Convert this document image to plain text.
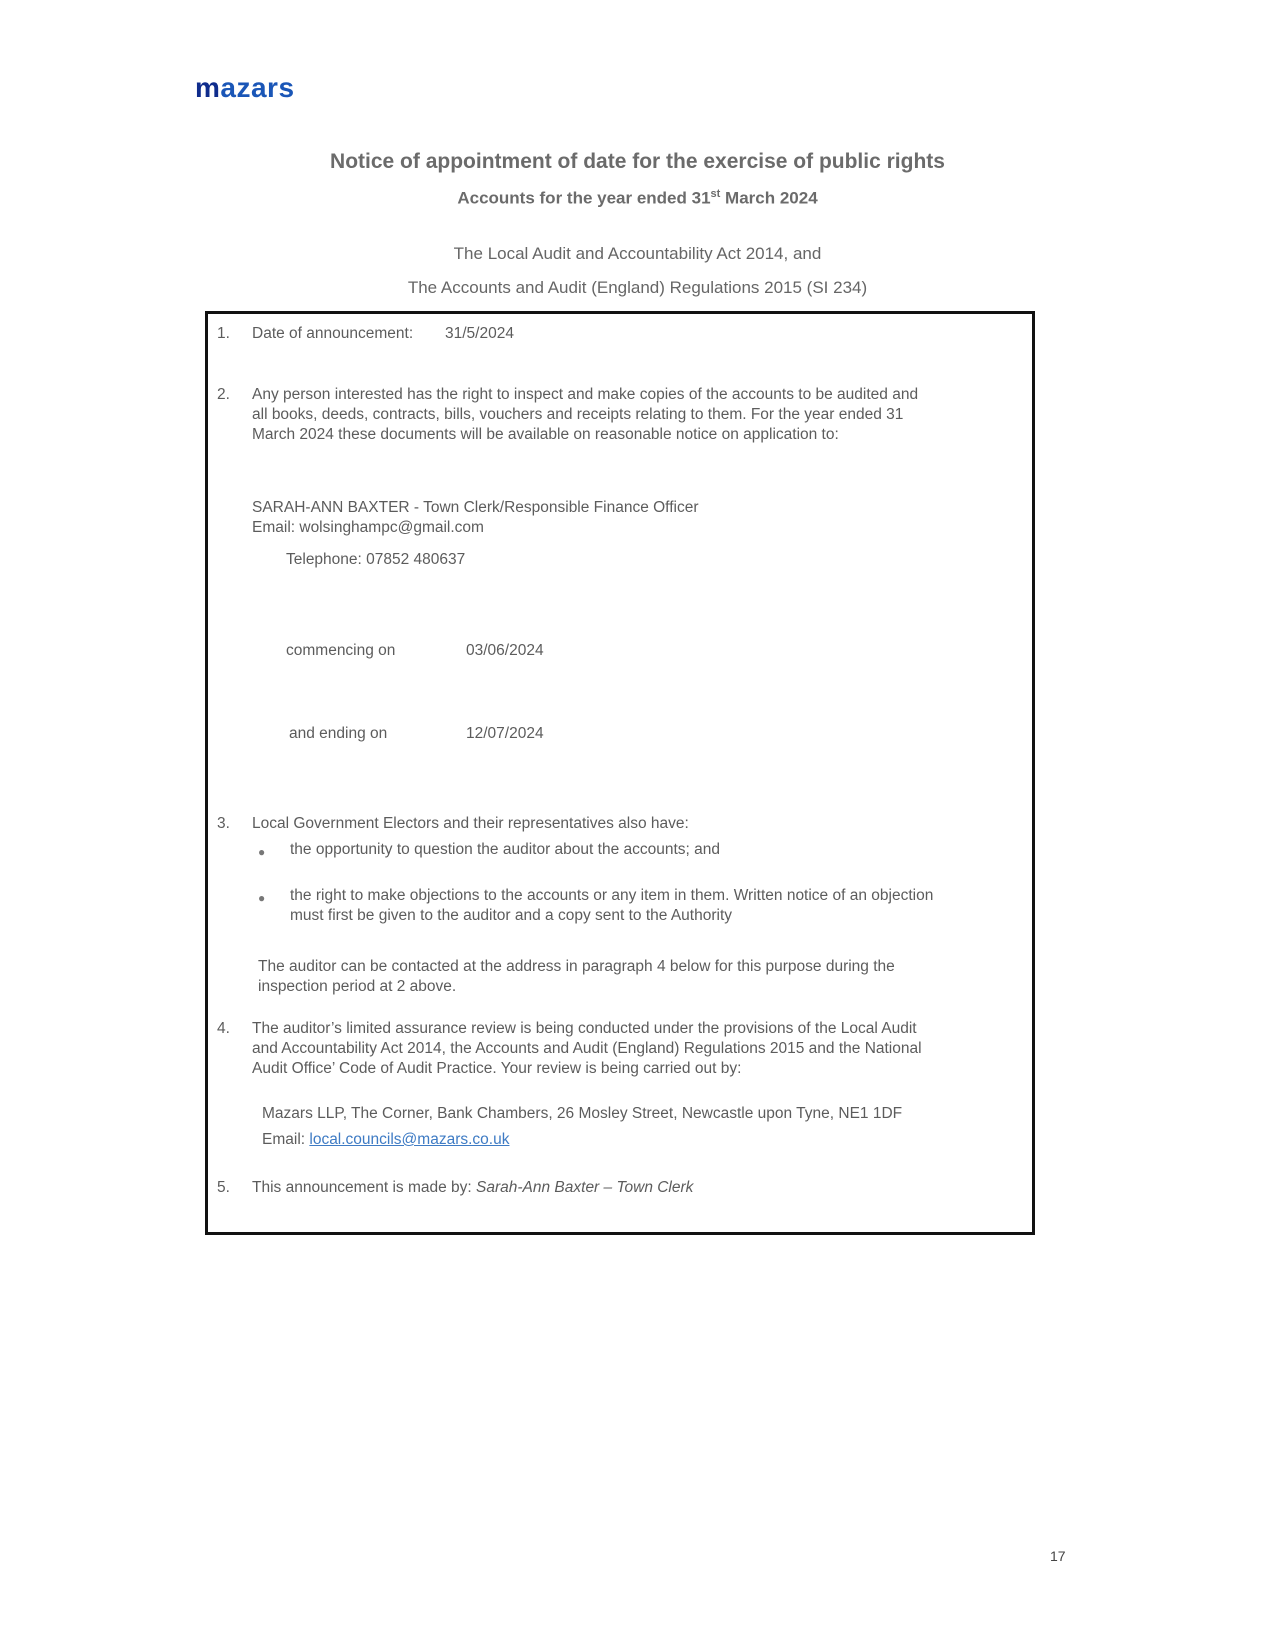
mazars
Notice of appointment of date for the exercise of public rights
Accounts for the year ended 31st March 2024
The Local Audit and Accountability Act 2014, and
The Accounts and Audit (England) Regulations 2015 (SI 234)
1. Date of announcement: 31/5/2024
2. Any person interested has the right to inspect and make copies of the accounts to be audited and
all books, deeds, contracts, bills, vouchers and receipts relating to them. For the year ended 31
March 2024 these documents will be available on reasonable notice on application to:
SARAH-ANN BAXTER - Town Clerk/Responsible Finance Officer
Email: wolsinghampc@gmail.com
Telephone: 07852 480637
commencing on	03/06/2024
and ending on	12/07/2024
3. Local Government Electors and their representatives also have:
● the opportunity to question the auditor about the accounts; and
● the right to make objections to the accounts or any item in them. Written notice of an objection
must first be given to the auditor and a copy sent to the Authority
The auditor can be contacted at the address in paragraph 4 below for this purpose during the
inspection period at 2 above.
4. The auditor’s limited assurance review is being conducted under the provisions of the Local Audit
and Accountability Act 2014, the Accounts and Audit (England) Regulations 2015 and the National
Audit Office’ Code of Audit Practice. Your review is being carried out by:
Mazars LLP, The Corner, Bank Chambers, 26 Mosley Street, Newcastle upon Tyne, NE1 1DF
Email: local.councils@mazars.co.uk
5. This announcement is made by: Sarah-Ann Baxter – Town Clerk
17
